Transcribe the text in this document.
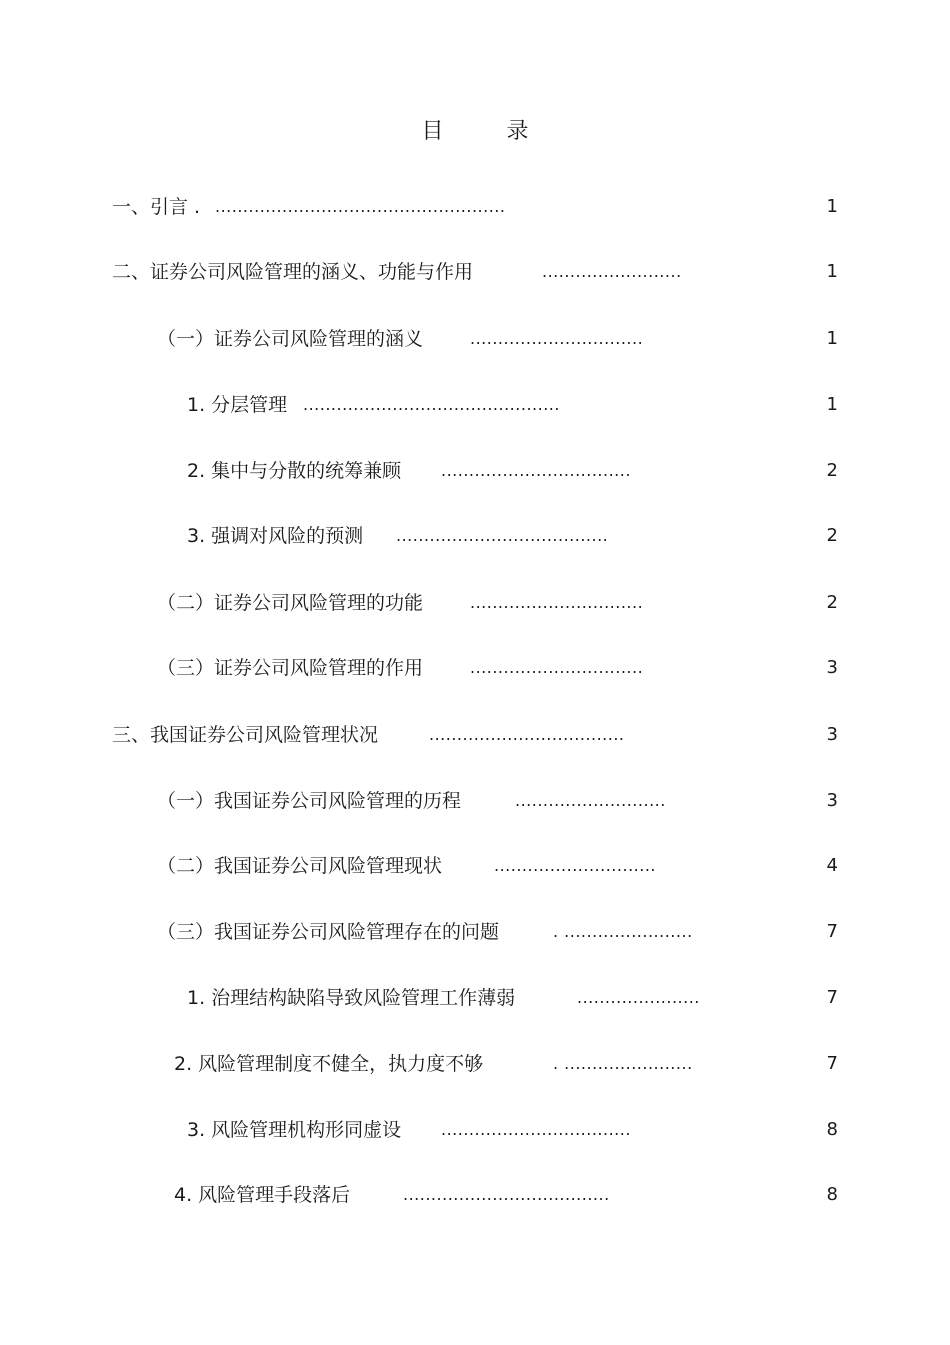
目 录
一、引言 . ....................................................	1
二、证券公司风险管理的涵义、功能与作用	.........................	1
（一）证券公司风险管理的涵义	...............................	1
1. 分层管理 ..............................................	1
2. 集中与分散的统筹兼顾 ..................................	2
3. 强调对风险的预测 ......................................	2
（二）证券公司风险管理的功能	...............................	2
（三）证券公司风险管理的作用	...............................	3
三、我国证券公司风险管理状况	...................................	3
（一）我国证券公司风险管理的历程	...........................	3
（二）我国证券公司风险管理现状	.............................	4
（三）我国证券公司风险管理存在的问题	. .......................	7
1. 治理结构缺陷导致风险管理工作薄弱	......................	7
2. 风险管理制度不健全，执力度不够	. .......................	7
3. 风险管理机构形同虚设 ..................................	8
4. 风险管理手段落后	.....................................	8
